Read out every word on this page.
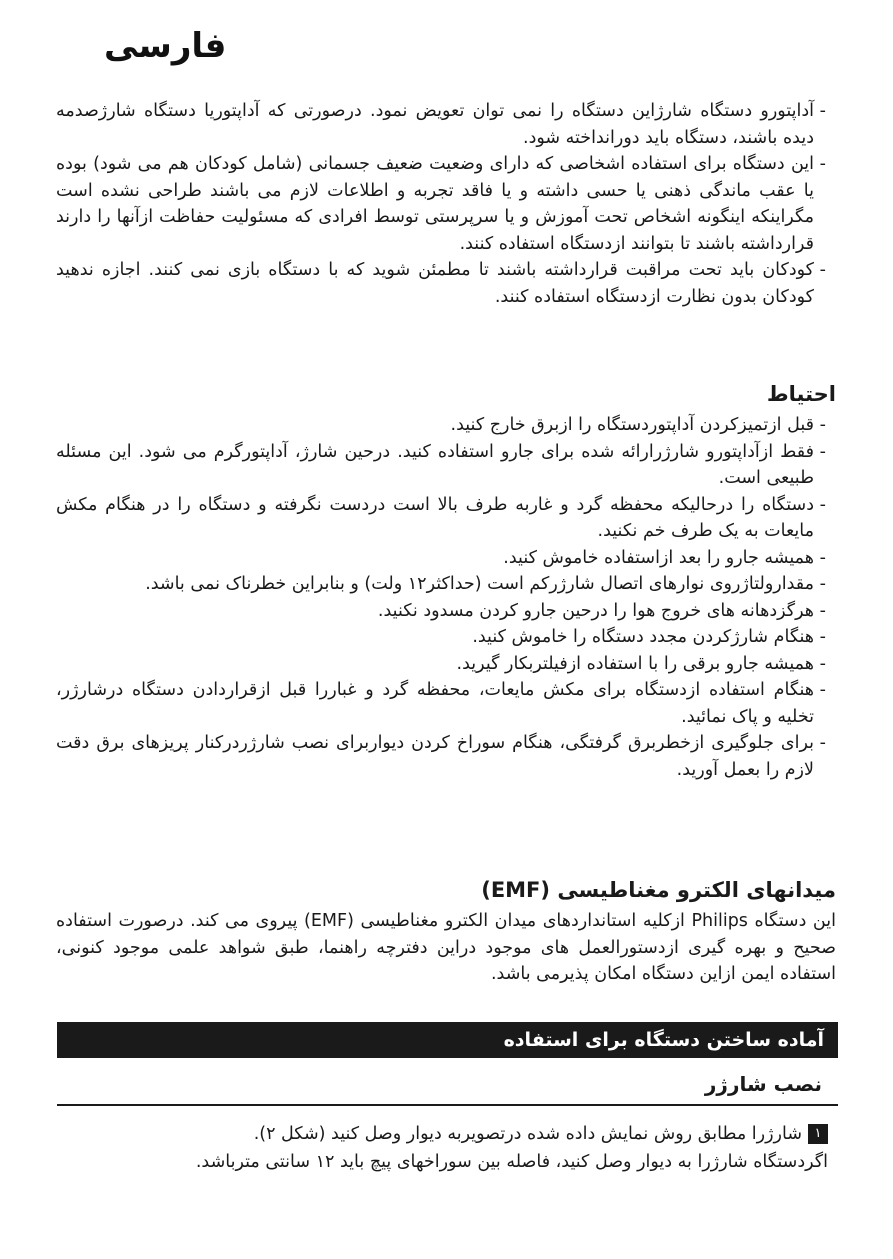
فارسی
-
آداپتورو دستگاه شارژاین دستگاه را نمی توان تعویض نمود. درصورتی که آداپتوریا دستگاه شارژصدمه دیده باشند، دستگاه باید دورانداخته شود.
-
این دستگاه برای استفاده اشخاصی که دارای وضعیت ضعیف جسمانی (شامل کودکان هم می شود) بوده یا عقب ماندگی ذهنی یا حسی داشته و یا فاقد تجربه و اطلاعات لازم می باشند طراحی نشده است مگراینکه اینگونه اشخاص تحت آموزش و یا سرپرستی توسط افرادی که مسئولیت حفاظت ازآنها را دارند قرارداشته باشند تا بتوانند ازدستگاه استفاده کنند.
-
کودکان باید تحت مراقبت قرارداشته باشند تا مطمئن شوید که با دستگاه بازی نمی کنند. اجازه ندهید کودکان بدون نظارت ازدستگاه استفاده کنند.
احتیاط
-
قبل ازتمیزکردن آداپتوردستگاه را ازبرق خارج کنید.
-
فقط ازآداپتورو شارژرارائه شده برای جارو استفاده کنید. درحین شارژ، آداپتورگرم می شود. این مسئله طبیعی است.
-
دستگاه را درحالیکه محفظه گرد و غاربه طرف بالا است دردست نگرفته و دستگاه را در هنگام مکش مایعات به یک طرف خم نکنید.
-
همیشه جارو را بعد ازاستفاده خاموش کنید.
-
مقدارولتاژروی نوارهای اتصال شارژرکم است (حداکثر۱۲ ولت) و بنابراین خطرناک نمی باشد.
-
هرگزدهانه های خروج هوا را درحین جارو کردن مسدود نکنید.
-
هنگام شارژکردن مجدد دستگاه را خاموش کنید.
-
همیشه جارو برقی را با استفاده ازفیلتربکار گیرید.
-
هنگام استفاده ازدستگاه برای مکش مایعات، محفظه گرد و غباررا قبل ازقراردادن دستگاه درشارژر، تخلیه و پاک نمائید.
-
برای جلوگیری ازخطربرق گرفتگی، هنگام سوراخ کردن دیواربرای نصب شارژردرکنار پریزهای برق دقت لازم را بعمل آورید.
میدانهای الکترو مغناطیسی (EMF)
این دستگاه Philips ازکلیه استانداردهای میدان الکترو مغناطیسی (EMF) پیروی می کند. درصورت استفاده صحیح و بهره گیری ازدستورالعمل های موجود دراین دفترچه راهنما، طبق شواهد علمی موجود کنونی، استفاده ایمن ازاین دستگاه امکان پذیرمی باشد.
آماده ساختن دستگاه برای استفاده
نصب شارژر
۱شارژرا مطابق روش نمایش داده شده درتصویربه دیوار وصل کنید (شکل ۲).
اگردستگاه شارژرا به دیوار وصل کنید، فاصله بین سوراخهای پیچ باید ۱۲ سانتی مترباشد.
